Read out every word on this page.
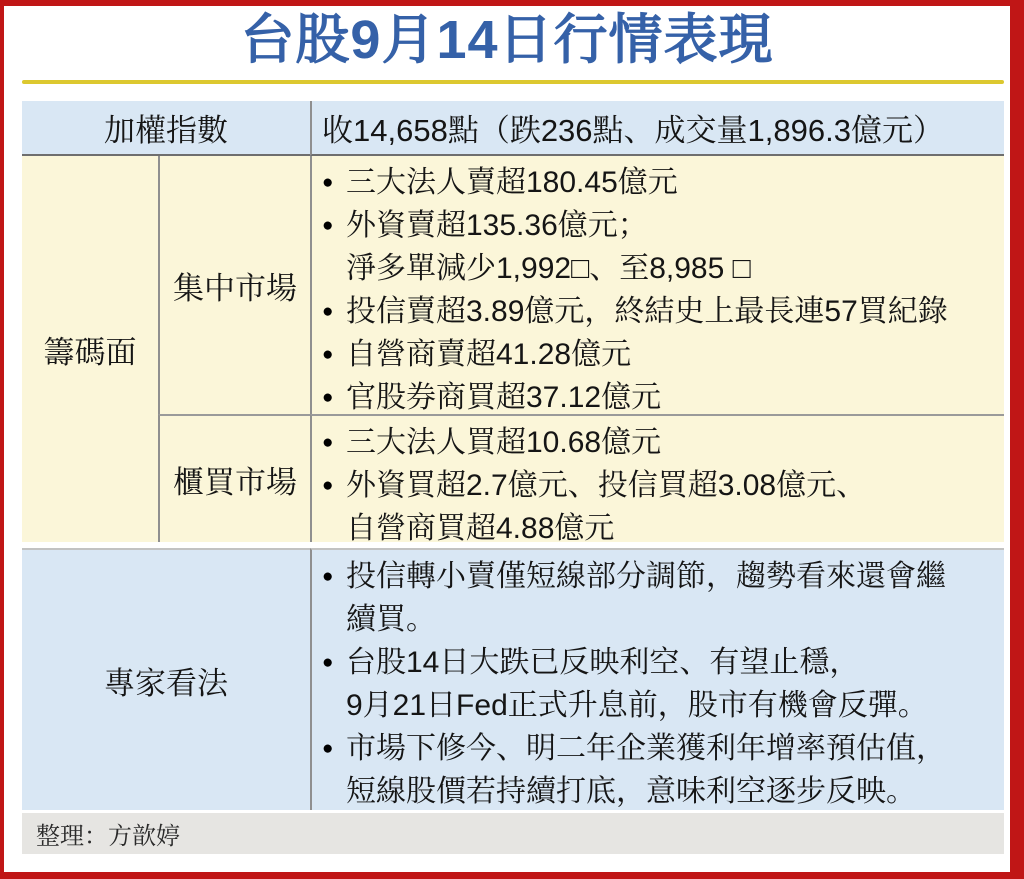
台股9月14日行情表現
加權指數	收14,658點（跌236點、成交量1,896.3億元）
籌碼面
集中市場
● 三大法人賣超180.45億元
● 外資賣超135.36億元；
淨多單減少1,992□、至8,985 □
● 投信賣超3.89億元，終結史上最長連57買紀錄
● 自營商賣超41.28億元
● 官股券商買超37.12億元
櫃買市場
● 三大法人買超10.68億元
● 外資買超2.7億元、投信買超3.08億元、
自營商買超4.88億元
專家看法
● 投信轉小賣僅短線部分調節，趨勢看來還會繼
續買。
● 台股14日大跌已反映利空、有望止穩，
9月21日Fed正式升息前，股市有機會反彈。
● 市場下修今、明二年企業獲利年增率預估值，
短線股價若持續打底，意味利空逐步反映。
整理：方歆婷
